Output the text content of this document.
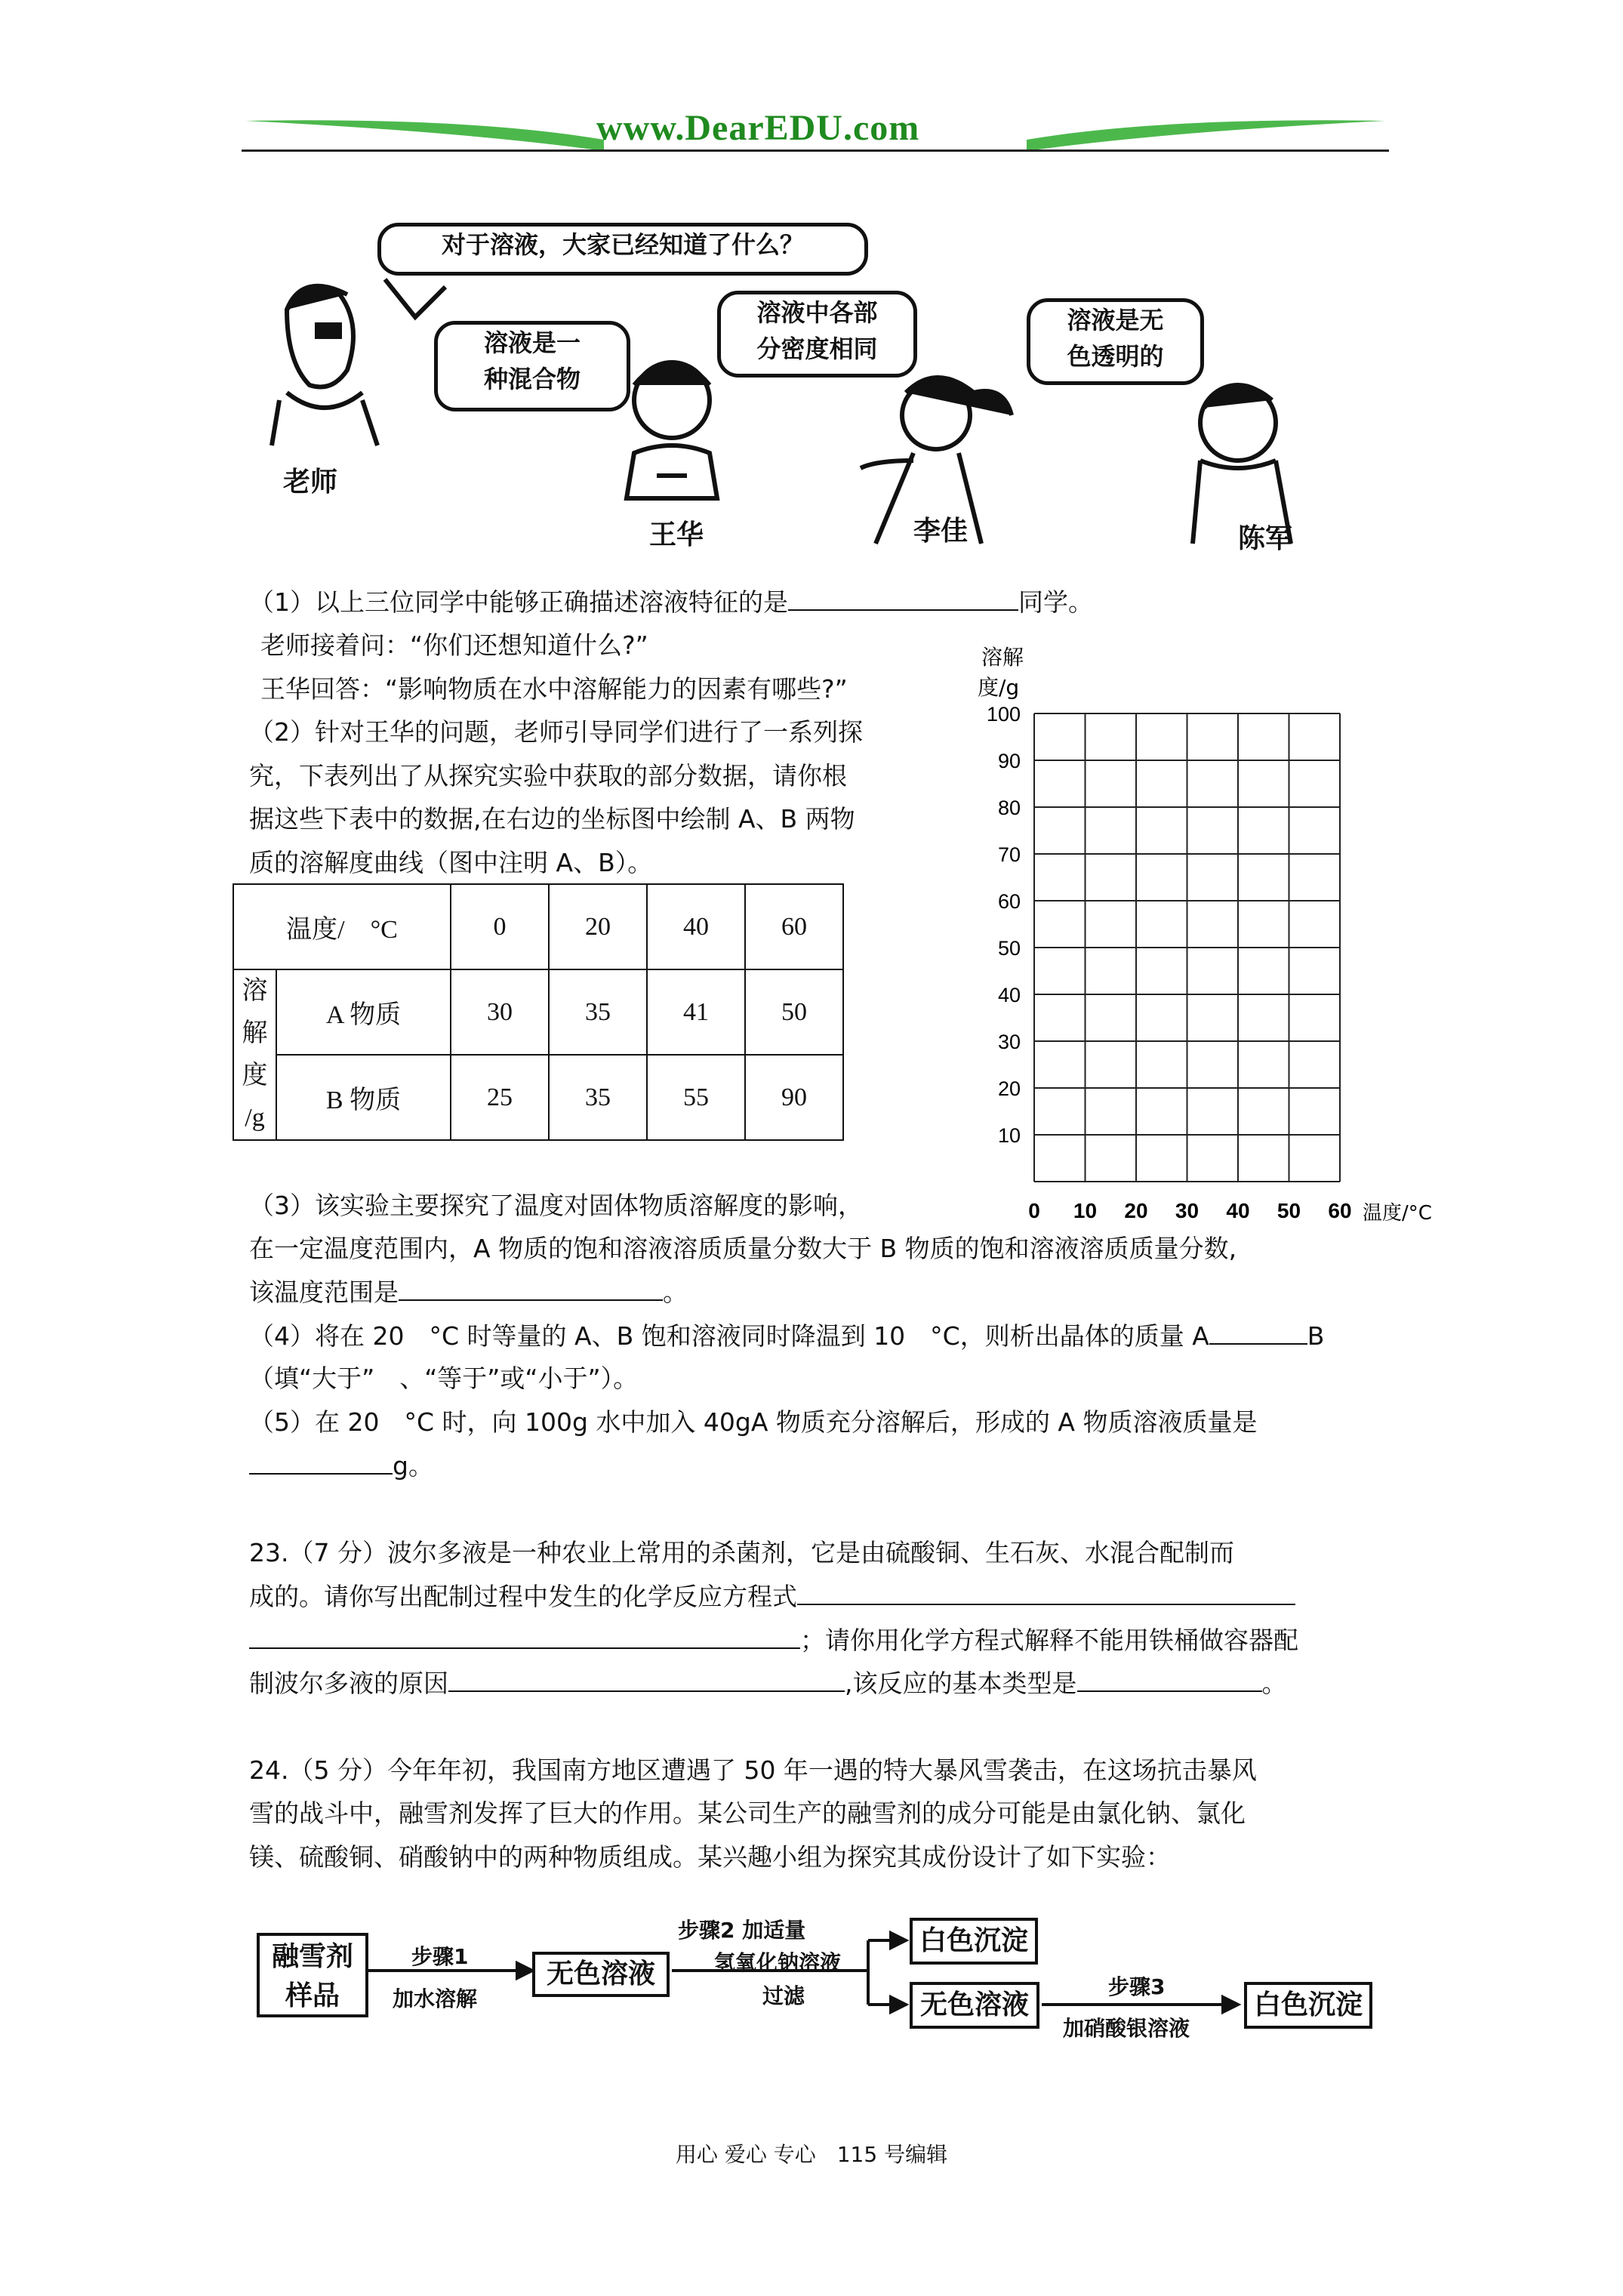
www.DearEDU.com
对于溶液，大家已经知道了什么？
溶液是一
种混合物
溶液中各部
分密度相同
溶液是无
色透明的
老师
王华	李佳	陈军
（1）以上三位同学中能够正确描述溶液特征的是	同学。
老师接着问：“你们还想知道什么?”
王华回答：“影响物质在水中溶解能力的因素有哪些?”
（2）针对王华的问题，老师引导同学们进行了一系列探
究，下表列出了从探究实验中获取的部分数据，请你根
据这些下表中的数据,在右边的坐标图中绘制 A、B 两物
质的溶解度曲线（图中注明 A、B）。
温度/　°C		0	20	40	60

溶
解
度
/g	A 物质	30	35	41	50
	B 物质	25	35	55	90
0 10 20 30 40 50 60
10
20
30
40
50
60
70
80
90
100
溶解
度/g
温度/°C
（3）该实验主要探究了温度对固体物质溶解度的影响，
在一定温度范围内，A 物质的饱和溶液溶质质量分数大于 B 物质的饱和溶液溶质质量分数,
该温度范围是	。
（4）将在 20　°C 时等量的 A、B 饱和溶液同时降温到 10　°C，则析出晶体的质量 A	B
（填“大于”　、“等于”或“小于”）。
（5）在 20　°C 时，向 100g 水中加入 40gA 物质充分溶解后，形成的 A 物质溶液质量是
g。
23.（7 分）波尔多液是一种农业上常用的杀菌剂，它是由硫酸铜、生石灰、水混合配制而
成的。请你写出配制过程中发生的化学反应方程式
；请你用化学方程式解释不能用铁桶做容器配
制波尔多液的原因	,该反应的基本类型是	。
24.（5 分）今年年初，我国南方地区遭遇了 50 年一遇的特大暴风雪袭击，在这场抗击暴风
雪的战斗中，融雪剂发挥了巨大的作用。某公司生产的融雪剂的成分可能是由氯化钠、氯化
镁、硫酸铜、硝酸钠中的两种物质组成。某兴趣小组为探究其成份设计了如下实验：
融雪剂
样品
步骤1
加水溶解
无色溶液
步骤2 加适量
氢氧化钠溶液
过滤
白色沉淀
无色溶液
步骤3
加硝酸银溶液
白色沉淀
用心 爱心 专心　115 号编辑
